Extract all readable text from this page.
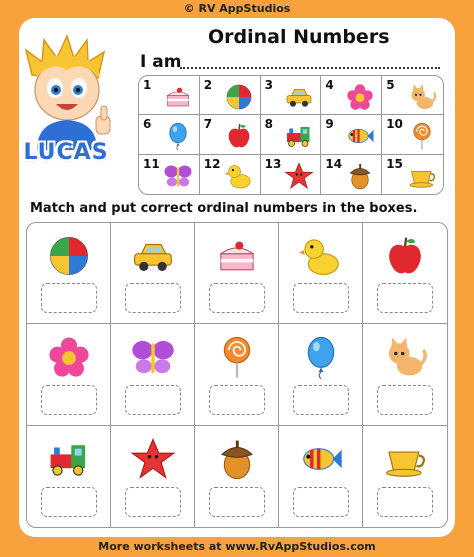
© RV AppStudios
LUCAS
Ordinal Numbers
I am
1	2	3	4	5
6	7	8	9	10
11	12	13	14	15
Match and put correct ordinal numbers in the boxes.
More worksheets at www.RvAppStudios.com
